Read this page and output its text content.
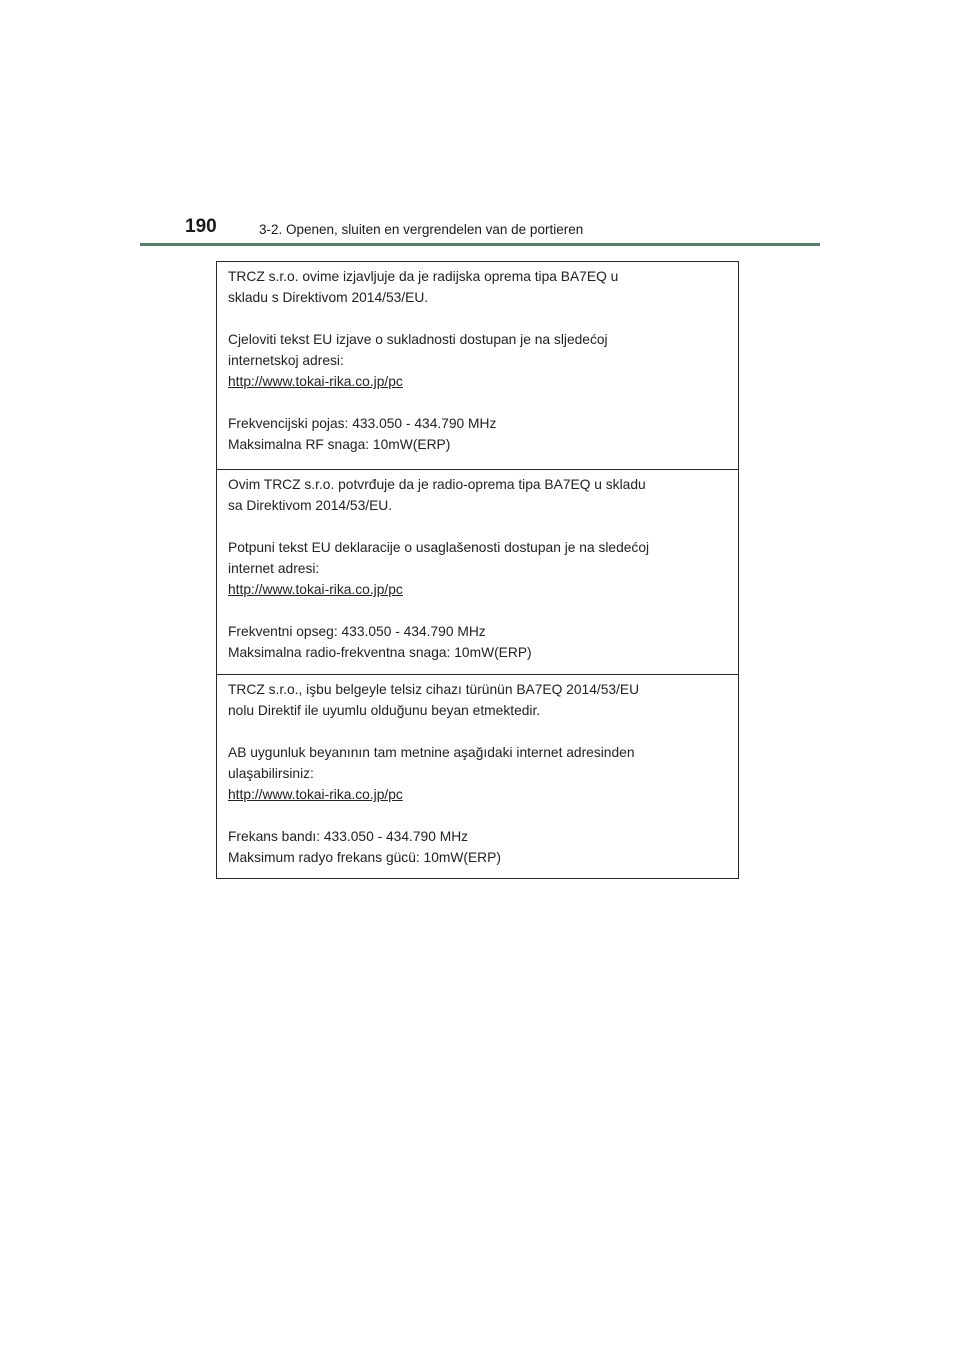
190	3-2. Openen, sluiten en vergrendelen van de portieren

TRCZ s.r.o. ovime izjavljuje da je radijska oprema tipa BA7EQ u
skladu s Direktivom 2014/53/EU.

Cjeloviti tekst EU izjave o sukladnosti dostupan je na sljedećoj
internetskoj adresi:
http://www.tokai-rika.co.jp/pc

Frekvencijski pojas: 433.050 - 434.790 MHz
Maksimalna RF snaga: 10mW(ERP)

Ovim TRCZ s.r.o. potvrđuje da je radio-oprema tipa BA7EQ u skladu
sa Direktivom 2014/53/EU.

Potpuni tekst EU deklaracije o usaglašenosti dostupan je na sledećoj
internet adresi:
http://www.tokai-rika.co.jp/pc

Frekventni opseg: 433.050 - 434.790 MHz
Maksimalna radio-frekventna snaga: 10mW(ERP)

TRCZ s.r.o., işbu belgeyle telsiz cihazı türünün BA7EQ 2014/53/EU
nolu Direktif ile uyumlu olduğunu beyan etmektedir.

AB uygunluk beyanının tam metnine aşağıdaki internet adresinden
ulaşabilirsiniz:
http://www.tokai-rika.co.jp/pc

Frekans bandı: 433.050 - 434.790 MHz
Maksimum radyo frekans gücü: 10mW(ERP)
